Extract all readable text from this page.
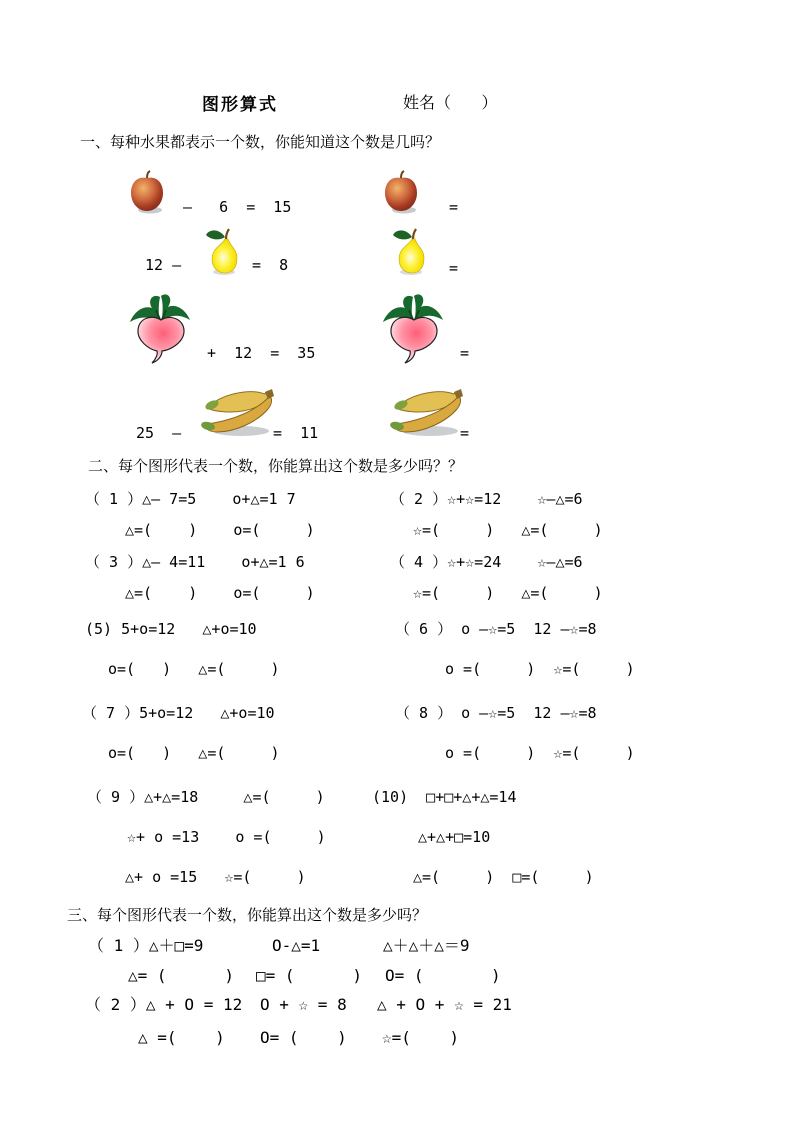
图形算式	姓名（      ）
一、每种水果都表示一个数，你能知道这个数是几吗？
—   6  =  15	=
12 —	=  8	=
+  12  =  35	=
25  —	=  11	=
二、每个图形代表一个数，你能算出这个数是多少吗？？
（ 1 ）△— 7=5    o+△=1 7	（ 2 ）☆+☆=12    ☆—△=6
△=(    )    o=(     )	☆=(     )   △=(     )
（ 3 ）△— 4=11    o+△=1 6	（ 4 ）☆+☆=24    ☆—△=6
△=(    )    o=(     )	☆=(     )   △=(     )
(5) 5+o=12   △+o=10	（ 6 ） o —☆=5  12 —☆=8
o=(   )   △=(     )	o =(     )  ☆=(     )
（ 7 ）5+o=12   △+o=10	（ 8 ） o —☆=5  12 —☆=8
o=(   )   △=(     )	o =(     )  ☆=(     )
（ 9 ）△+△=18     △=(     )	(10)  □+□+△+△=14
☆+ o =13    o =(     )	△+△+□=10
△+ o =15   ☆=(     )	△=(     )  □=(     )
三、每个图形代表一个数，你能算出这个数是多少吗？
（ 1 ）△＋□=9	O-△=1	△＋△＋△＝9
△= (      ) □= (      ) O= (       )
（ 2 ）△ + O = 12 O + ☆ = 8 △ + O + ☆ = 21
△ =(    ) O= (    ) ☆=(    )
